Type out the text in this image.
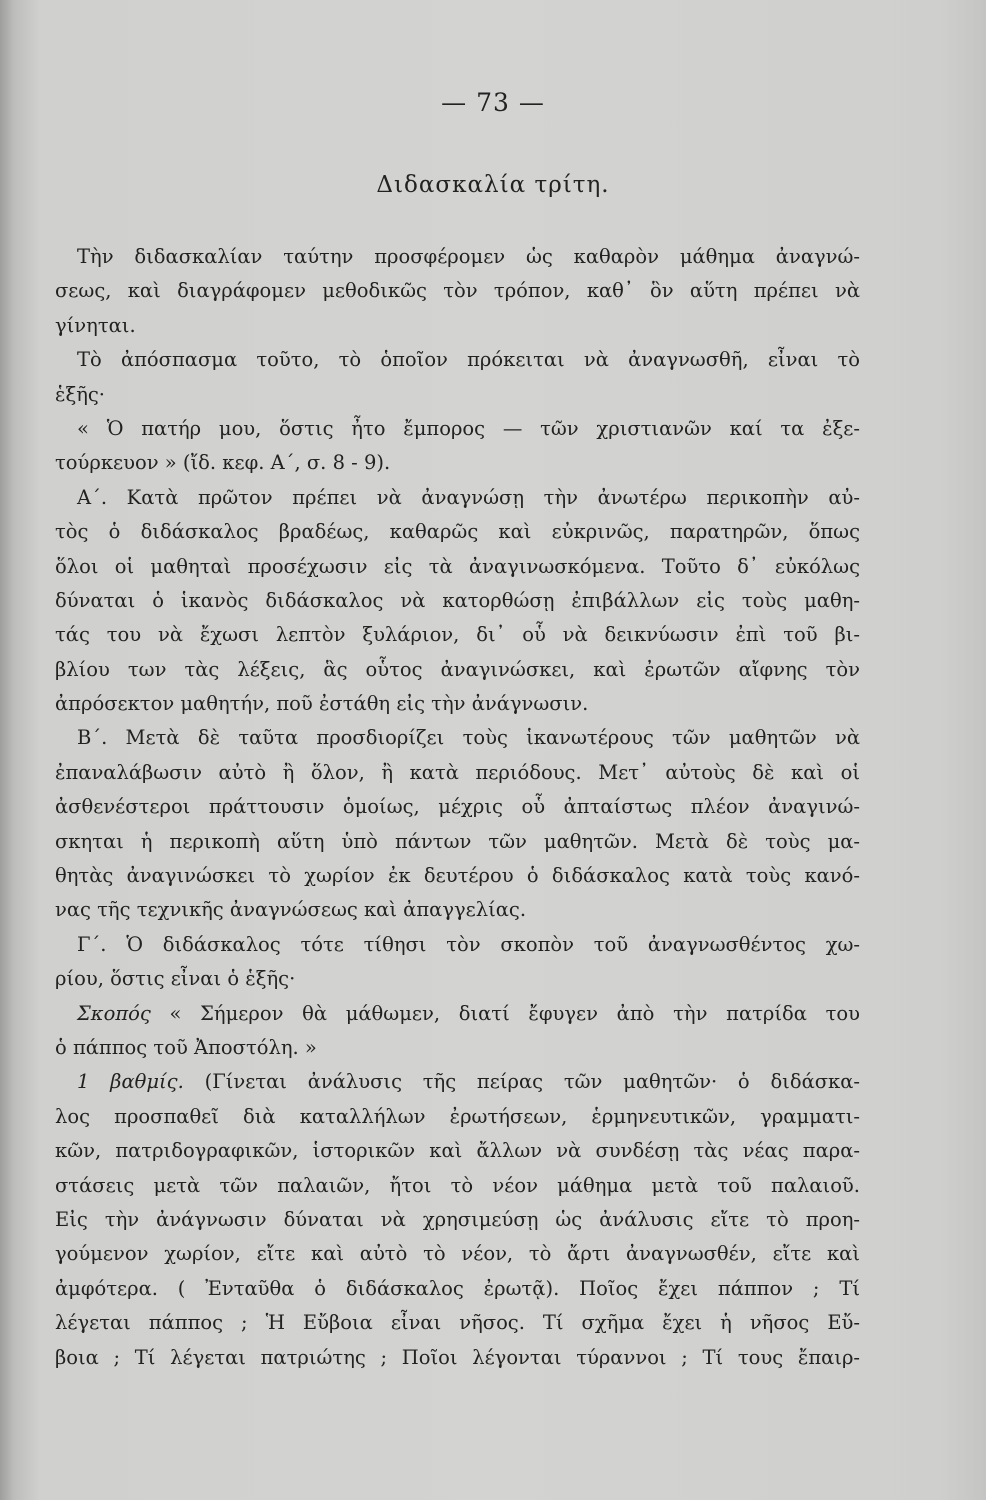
— 73 —
Διδασκαλία τρίτη.
Τὴν διδασκαλίαν ταύτην προσφέρομεν ὡς καθαρὸν μάθημα ἀναγνώ-
σεως, καὶ διαγράφομεν μεθοδικῶς τὸν τρόπον, καθ᾽ ὃν αὕτη πρέπει νὰ
γίνηται.
Τὸ ἀπόσπασμα τοῦτο, τὸ ὁποῖον πρόκειται νὰ ἀναγνωσθῆ, εἶναι τὸ
ἑξῆς·
« Ὁ πατήρ μου, ὅστις ἦτο ἔμπορος — τῶν χριστιανῶν καί τα ἐξε-
τούρκευον » (ἴδ. κεφ. Α΄, σ. 8 - 9).
Α΄. Κατὰ πρῶτον πρέπει νὰ ἀναγνώσῃ τὴν ἀνωτέρω περικοπὴν αὐ-
τὸς ὁ διδάσκαλος βραδέως, καθαρῶς καὶ εὐκρινῶς, παρατηρῶν, ὅπως
ὅλοι οἱ μαθηταὶ προσέχωσιν εἰς τὰ ἀναγινωσκόμενα. Τοῦτο δ᾽ εὐκόλως
δύναται ὁ ἱκανὸς διδάσκαλος νὰ κατορθώσῃ ἐπιβάλλων εἰς τοὺς μαθη-
τάς του νὰ ἔχωσι λεπτὸν ξυλάριον, δι᾽ οὗ νὰ δεικνύωσιν ἐπὶ τοῦ βι-
βλίου των τὰς λέξεις, ἃς οὗτος ἀναγινώσκει, καὶ ἐρωτῶν αἴφνης τὸν
ἀπρόσεκτον μαθητήν, ποῦ ἐστάθη εἰς τὴν ἀνάγνωσιν.
Β΄. Μετὰ δὲ ταῦτα προσδιορίζει τοὺς ἱκανωτέρους τῶν μαθητῶν νὰ
ἐπαναλάβωσιν αὐτὸ ἢ ὅλον, ἢ κατὰ περιόδους. Μετ᾽ αὐτοὺς δὲ καὶ οἱ
ἀσθενέστεροι πράττουσιν ὁμοίως, μέχρις οὗ ἀπταίστως πλέον ἀναγινώ-
σκηται ἡ περικοπὴ αὕτη ὑπὸ πάντων τῶν μαθητῶν. Μετὰ δὲ τοὺς μα-
θητὰς ἀναγινώσκει τὸ χωρίον ἐκ δευτέρου ὁ διδάσκαλος κατὰ τοὺς κανό-
νας τῆς τεχνικῆς ἀναγνώσεως καὶ ἀπαγγελίας.
Γ΄. Ὁ διδάσκαλος τότε τίθησι τὸν σκοπὸν τοῦ ἀναγνωσθέντος χω-
ρίου, ὅστις εἶναι ὁ ἑξῆς·
Σκοπός « Σήμερον θὰ μάθωμεν, διατί ἔφυγεν ἀπὸ τὴν πατρίδα του
ὁ πάππος τοῦ Ἀποστόλη. »
1 βαθμίς. (Γίνεται ἀνάλυσις τῆς πείρας τῶν μαθητῶν· ὁ διδάσκα-
λος προσπαθεῖ διὰ καταλλήλων ἐρωτήσεων, ἑρμηνευτικῶν, γραμματι-
κῶν, πατριδογραφικῶν, ἱστορικῶν καὶ ἄλλων νὰ συνδέσῃ τὰς νέας παρα-
στάσεις μετὰ τῶν παλαιῶν, ἤτοι τὸ νέον μάθημα μετὰ τοῦ παλαιοῦ.
Εἰς τὴν ἀνάγνωσιν δύναται νὰ χρησιμεύσῃ ὡς ἀνάλυσις εἴτε τὸ προη-
γούμενον χωρίον, εἴτε καὶ αὐτὸ τὸ νέον, τὸ ἄρτι ἀναγνωσθέν, εἴτε καὶ
ἀμφότερα. ( Ἐνταῦθα ὁ διδάσκαλος ἐρωτᾷ). Ποῖος ἔχει πάππον ; Τί
λέγεται πάππος ; Ἡ Εὔβοια εἶναι νῆσος. Τί σχῆμα ἔχει ἡ νῆσος Εὔ-
βοια ; Τί λέγεται πατριώτης ; Ποῖοι λέγονται τύραννοι ; Τί τους ἔπαιρ-
